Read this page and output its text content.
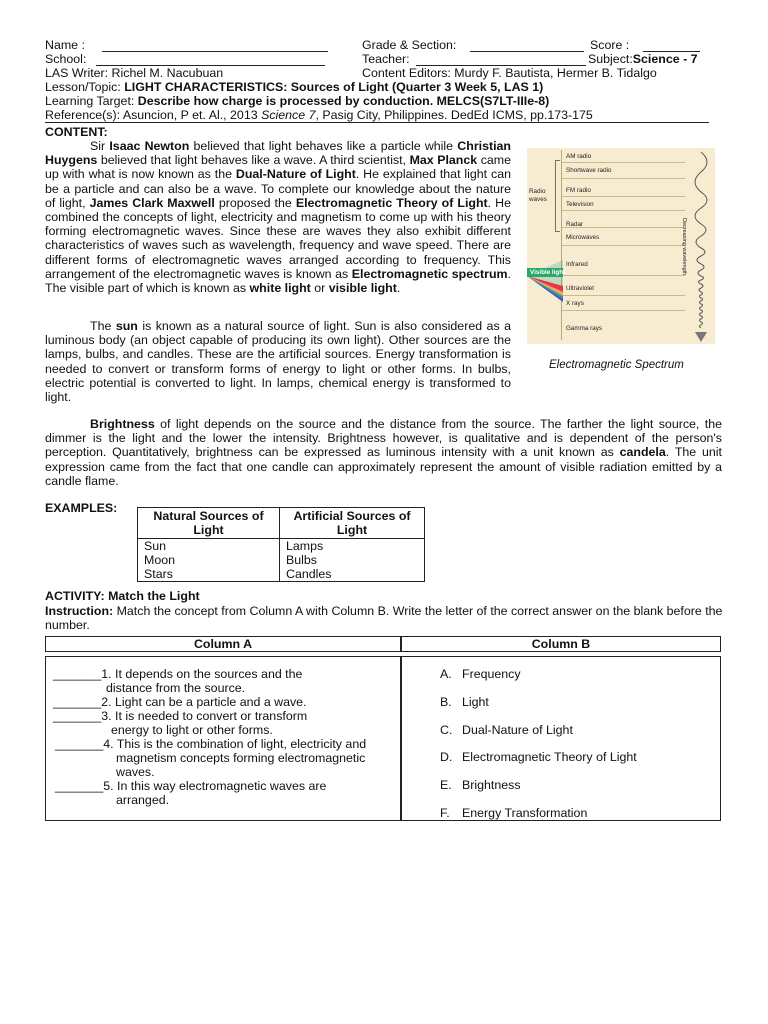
Name :	Grade & Section:	Score :
School:	Teacher:	Subject:Science - 7
LAS Writer: Richel M. Nacubuan	Content Editors: Murdy F. Bautista, Hermer B. Tidalgo
Lesson/Topic: LIGHT CHARACTERISTICS: Sources of Light (Quarter 3 Week 5, LAS 1)
Learning Target: Describe how charge is processed by conduction. MELCS(S7LT-IIIe-8)
Reference(s): Asuncion, P et. Al., 2013 Science 7, Pasig City, Philippines. DedEd ICMS, pp.173-175
CONTENT:

Sir Isaac Newton believed that light behaves like a particle while Christian Huygens believed that light behaves like a wave. A third scientist, Max Planck came up with what is now known as the Dual-Nature of Light. He explained that light can be a particle and can also be a wave. To complete our knowledge about the nature of light, James Clark Maxwell proposed the Electromagnetic Theory of Light. He combined the concepts of light, electricity and magnetism to come up with his theory forming electromagnetic waves. Since these are waves they also exhibit different characteristics of waves such as wavelength, frequency and wave speed. There are different forms of electromagnetic waves arranged according to frequency. This arrangement of the electromagnetic waves is known as Electromagnetic spectrum. The visible part of which is known as white light or visible light.

The sun is known as a natural source of light. Sun is also considered as a luminous body (an object capable of producing its own light). Other sources are the lamps, bulbs, and candles. These are the artificial sources. Energy transformation is needed to convert or transform forms of energy to light or other forms. In bulbs, electric potential is converted to light. In lamps, chemical energy is transformed to light.

AM radio
Shortwave radio
FM radio
Television
Radar
Microwaves
Infrared
Ultraviolet
X rays
Gamma rays
Radio waves
Visible light	Decreasing wavelength
Electromagnetic Spectrum

Brightness of light depends on the source and the distance from the source. The farther the light source, the dimmer is the light and the lower the intensity. Brightness however, is qualitative and is dependent of the person's perception. Quantitatively, brightness can be expressed as luminous intensity with a unit known as candela. The unit expression came from the fact that one candle can approximately represent the amount of visible radiation emitted by a candle flame.

EXAMPLES:
Natural Sources of Light	Artificial Sources of Light
Sun	Lamps
Moon	Bulbs
Stars	Candles
ACTIVITY: Match the Light

Instruction: Match the concept from Column A with Column B. Write the letter of the correct answer on the blank before the number.

Column A	Column B
_______1. It depends on the sources and the
distance from the source.
_______2. Light can be a particle and a wave.
_______3. It is needed to convert or transform
energy to light or other forms.
_______4. This is the combination of light, electricity and
magnetism concepts forming electromagnetic
waves.
_______5. In this way electromagnetic waves are
arranged.
A. Frequency
B. Light
C. Dual-Nature of Light
D. Electromagnetic Theory of Light
E. Brightness
F. Energy Transformation
